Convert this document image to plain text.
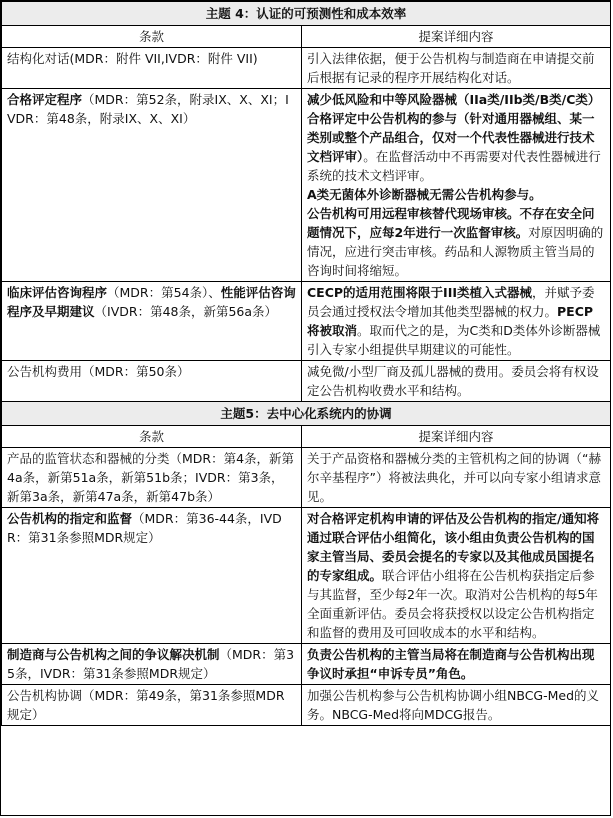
主题 4：认证的可预测性和成本效率	
条款	提案详细内容
结构化对话(MDR：附件 VII,IVDR：附件 VII)	引入法律依据，便于公告机构与制造商在申请提交前后根据有记录的程序开展结构化对话。

合格评定程序（MDR：第52条，附录IX、X、XI；IVDR：第48条，附录IX、X、XI）	减少低风险和中等风险器械（IIa类/IIb类/B类/C类）合格评定中公告机构的参与（针对通用器械组、某一类别或整个产品组合，仅对一个代表性器械进行技术文档评审）。在监督活动中不再需要对代表性器械进行系统的技术文档评审。

A类无菌体外诊断器械无需公告机构参与。

公告机构可用远程审核替代现场审核。不存在安全问题情况下，应每2年进行一次监督审核。对原因明确的情况，应进行突击审核。药品和人源物质主管当局的咨询时间将缩短。

临床评估咨询程序（MDR：第54条）、性能评估咨询程序及早期建议（IVDR：第48条，新第56a条）	CECP的适用范围将限于III类植入式器械，并赋予委员会通过授权法令增加其他类型器械的权力。PECP将被取消。取而代之的是，为C类和D类体外诊断器械引入专家小组提供早期建议的可能性。

公告机构费用（MDR：第50条）	减免微/小型厂商及孤儿器械的费用。委员会将有权设定公告机构收费水平和结构。

主题5：去中心化系统内的协调	
条款	提案详细内容
产品的监管状态和器械的分类（MDR：第4条，新第4a条，新第51a条，新第51b条；IVDR：第3条，新第3a条，新第47a条，新第47b条）	关于产品资格和器械分类的主管机构之间的协调（“赫尔辛基程序”）将被法典化，并可以向专家小组请求意见。

公告机构的指定和监督（MDR：第36-44条，IVDR：第31条参照MDR规定）	对合格评定机构申请的评估及公告机构的指定/通知将通过联合评估小组简化，该小组由负责公告机构的国家主管当局、委员会提名的专家以及其他成员国提名的专家组成。联合评估小组将在公告机构获指定后参与其监督，至少每2年一次。取消对公告机构的每5年全面重新评估。委员会将获授权以设定公告机构指定和监督的费用及可回收成本的水平和结构。

制造商与公告机构之间的争议解决机制（MDR：第35条，IVDR：第31条参照MDR规定）	负责公告机构的主管当局将在制造商与公告机构出现争议时承担“申诉专员”角色。

公告机构协调（MDR：第49条，第31条参照MDR规定）	加强公告机构参与公告机构协调小组NBCG-Med的义务。NBCG-Med将向MDCG报告。
